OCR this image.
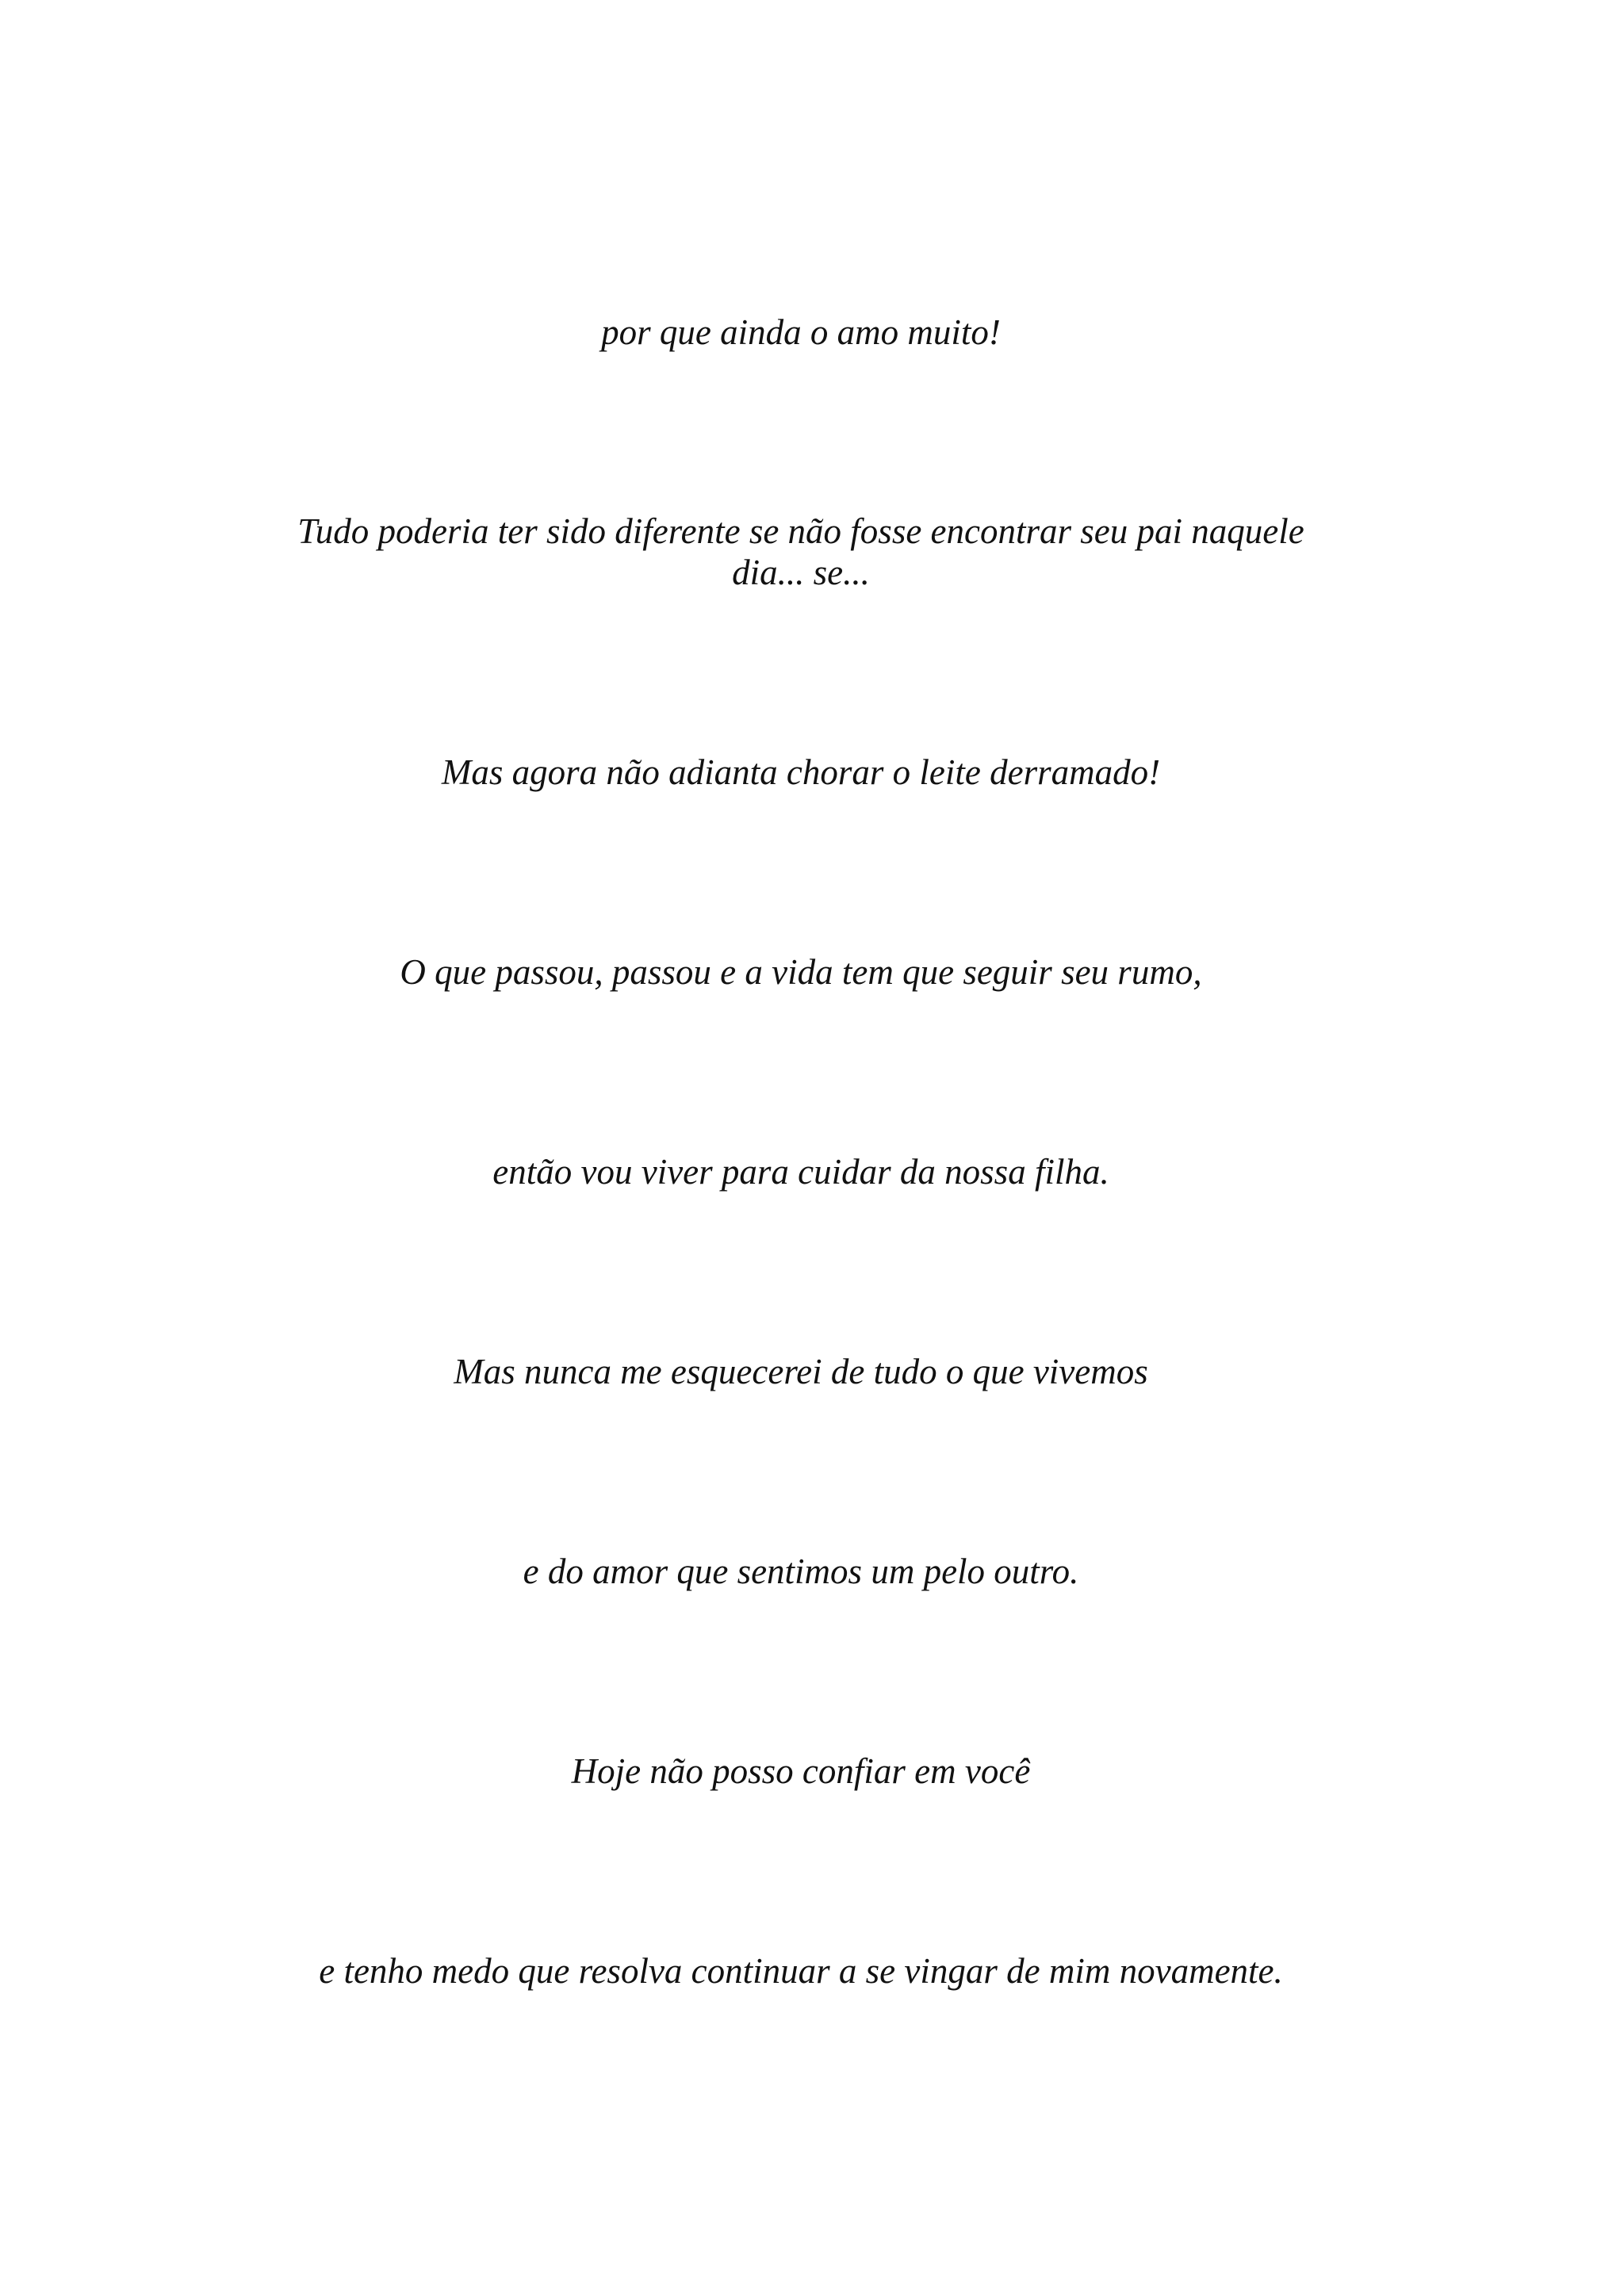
por que ainda o amo muito!

Tudo poderia ter sido diferente se não fosse encontrar seu pai naquele
dia... se...

Mas agora não adianta chorar o leite derramado!

O que passou, passou e a vida tem que seguir seu rumo,

então vou viver para cuidar da nossa filha.

Mas nunca me esquecerei de tudo o que vivemos

e do amor que sentimos um pelo outro.

Hoje não posso confiar em você

e tenho medo que resolva continuar a se vingar de mim novamente.
